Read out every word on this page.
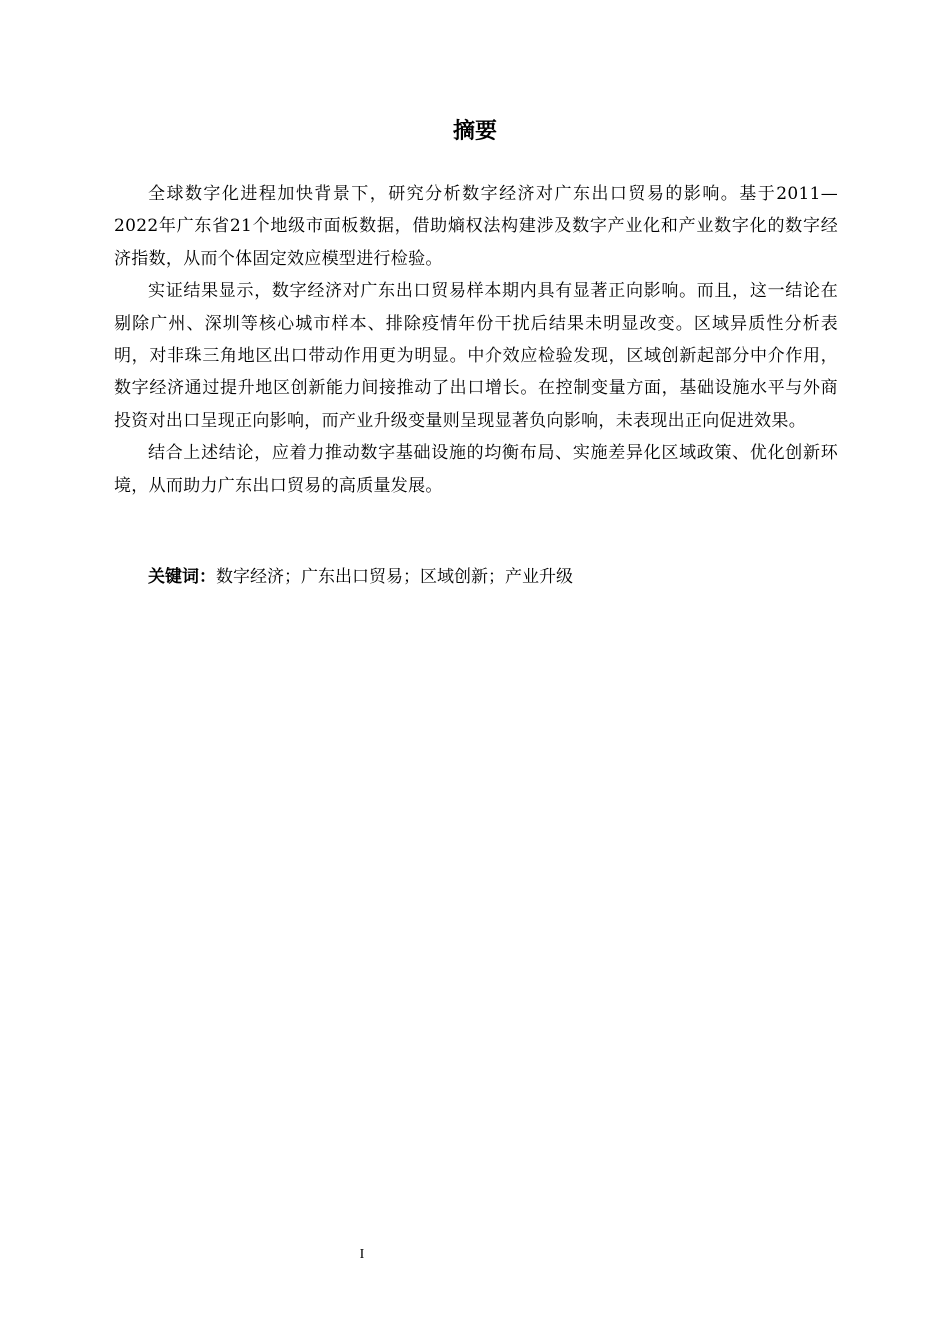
摘要

全球数字化进程加快背景下，研究分析数字经济对广东出口贸易的影响。基于2011—2022年广东省21个地级市面板数据，借助熵权法构建涉及数字产业化和产业数字化的数字经济指数，从而个体固定效应模型进行检验。

实证结果显示，数字经济对广东出口贸易样本期内具有显著正向影响。而且，这一结论在剔除广州、深圳等核心城市样本、排除疫情年份干扰后结果未明显改变。区域异质性分析表明，对非珠三角地区出口带动作用更为明显。中介效应检验发现，区域创新起部分中介作用，数字经济通过提升地区创新能力间接推动了出口增长。在控制变量方面，基础设施水平与外商投资对出口呈现正向影响，而产业升级变量则呈现显著负向影响，未表现出正向促进效果。

结合上述结论，应着力推动数字基础设施的均衡布局、实施差异化区域政策、优化创新环境，从而助力广东出口贸易的高质量发展。

关键词：数字经济；广东出口贸易；区域创新；产业升级
I
